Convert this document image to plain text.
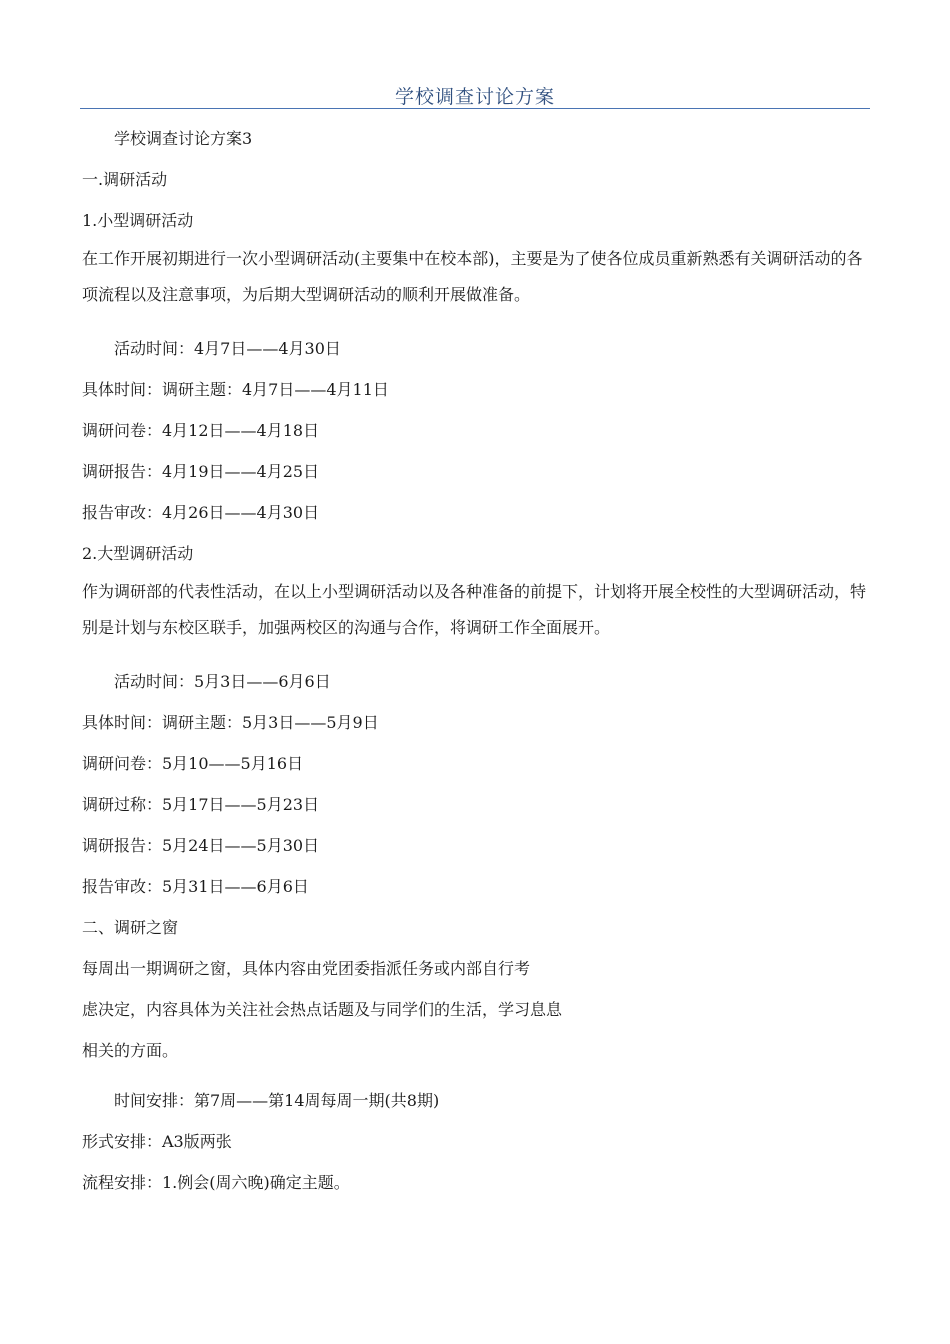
学校调查讨论方案

学校调查讨论方案3

一.调研活动

1.小型调研活动

在工作开展初期进行一次小型调研活动(主要集中在校本部)，主要是为了使各位成员重新熟悉有关调研活动的各项流程以及注意事项，为后期大型调研活动的顺利开展做准备。

活动时间：4月7日——4月30日

具体时间：调研主题：4月7日——4月11日

调研问卷：4月12日——4月18日

调研报告：4月19日——4月25日

报告审改：4月26日——4月30日

2.大型调研活动

作为调研部的代表性活动，在以上小型调研活动以及各种准备的前提下，计划将开展全校性的大型调研活动，特别是计划与东校区联手，加强两校区的沟通与合作，将调研工作全面展开。

活动时间：5月3日——6月6日

具体时间：调研主题：5月3日——5月9日

调研问卷：5月10——5月16日

调研过称：5月17日——5月23日

调研报告：5月24日——5月30日

报告审改：5月31日——6月6日

二、调研之窗

每周出一期调研之窗，具体内容由党团委指派任务或内部自行考

虑决定，内容具体为关注社会热点话题及与同学们的生活，学习息息

相关的方面。

时间安排：第7周——第14周每周一期(共8期)

形式安排：A3版两张

流程安排：1.例会(周六晚)确定主题。
